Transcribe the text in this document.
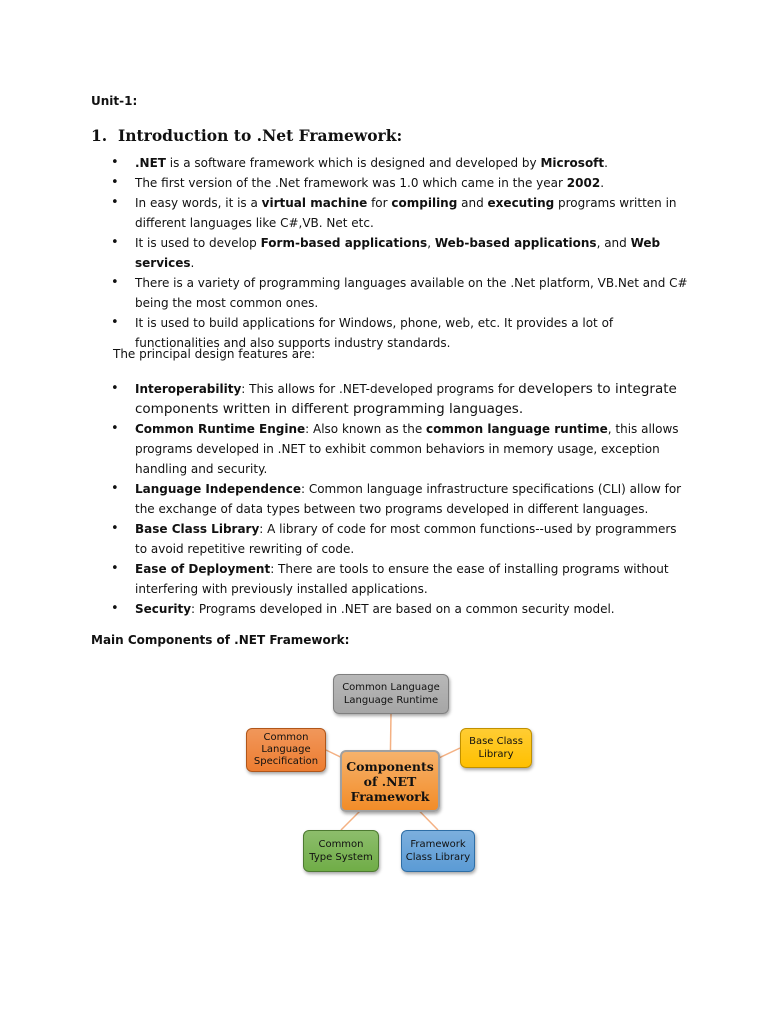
Unit-1:
1. Introduction to .Net Framework:
• .NET is a software framework which is designed and developed by Microsoft.
• The first version of the .Net framework was 1.0 which came in the year 2002.
• In easy words, it is a virtual machine for compiling and executing programs written in different languages like C#,VB. Net etc.
• It is used to develop Form-based applications, Web-based applications, and Web services.
• There is a variety of programming languages available on the .Net platform, VB.Net and C# being the most common ones.
• It is used to build applications for Windows, phone, web, etc. It provides a lot of functionalities and also supports industry standards.
The principal design features are:
• Interoperability: This allows for .NET-developed programs for developers to integrate components written in different programming languages.
• Common Runtime Engine: Also known as the common language runtime, this allows programs developed in .NET to exhibit common behaviors in memory usage, exception handling and security.
• Language Independence: Common language infrastructure specifications (CLI) allow for the exchange of data types between two programs developed in different languages.
• Base Class Library: A library of code for most common functions--used by programmers to avoid repetitive rewriting of code.
• Ease of Deployment: There are tools to ensure the ease of installing programs without interfering with previously installed applications.
• Security: Programs developed in .NET are based on a common security model.
Main Components of .NET Framework:
Common Language
Language Runtime
Base Class
Library
Common
Language
Specification
Common
Type System
Framework
Class Library
Components
of .NET
Framework
